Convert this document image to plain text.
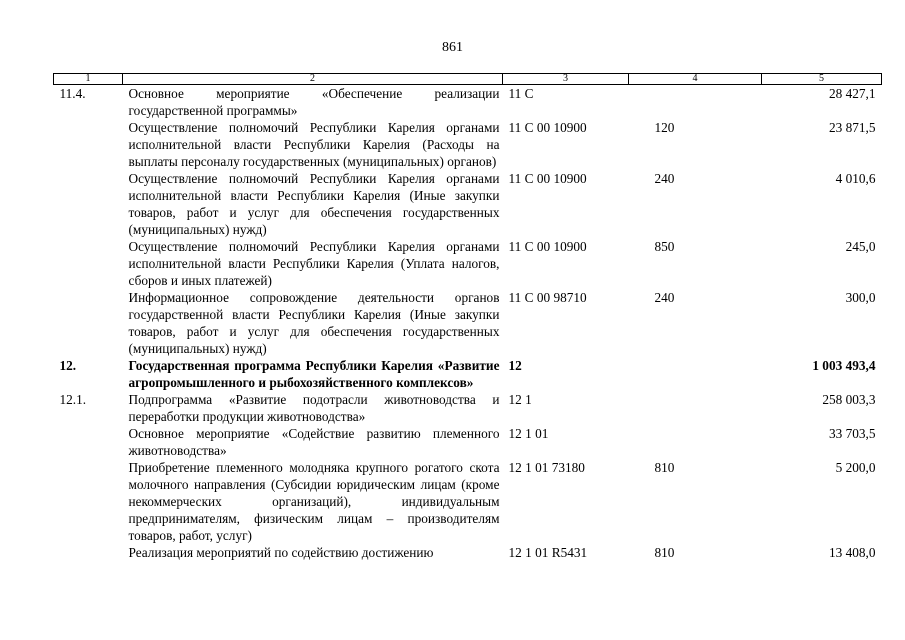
861
1	2	3	4	5
11.4.	Основное мероприятие «Обеспечение реализации государственной программы»	11 С		28 427,1
	Осуществление полномочий Республики Карелия органами исполнительной власти Республики Карелия (Расходы на выплаты персоналу государственных (муниципальных) органов)	11 С 00 10900	120	23 871,5
	Осуществление полномочий Республики Карелия органами исполнительной власти Республики Карелия (Иные закупки товаров, работ и услуг для обеспечения государственных (муниципальных) нужд)	11 С 00 10900	240	4 010,6
	Осуществление полномочий Республики Карелия органами исполнительной власти Республики Карелия (Уплата налогов, сборов и иных платежей)	11 С 00 10900	850	245,0
	Информационное сопровождение деятельности органов государственной власти Республики Карелия (Иные закупки товаров, работ и услуг для обеспечения государственных (муниципальных) нужд)	11 С 00 98710	240	300,0
12.	Государственная программа Республики Карелия «Развитие агропромышленного и рыбохозяйственного комплексов»	12		1 003 493,4
12.1.	Подпрограмма «Развитие подотрасли животноводства и переработки продукции животноводства»	12 1		258 003,3
	Основное мероприятие «Содействие развитию племенного животноводства»	12 1 01		33 703,5
	Приобретение племенного молодняка крупного рогатого скота молочного направления (Субсидии юридическим лицам (кроме некоммерческих организаций), индивидуальным предпринимателям, физическим лицам – производителям товаров, работ, услуг)	12 1 01 73180	810	5 200,0
	Реализация мероприятий по содействию достижению	12 1 01 R5431	810	13 408,0
